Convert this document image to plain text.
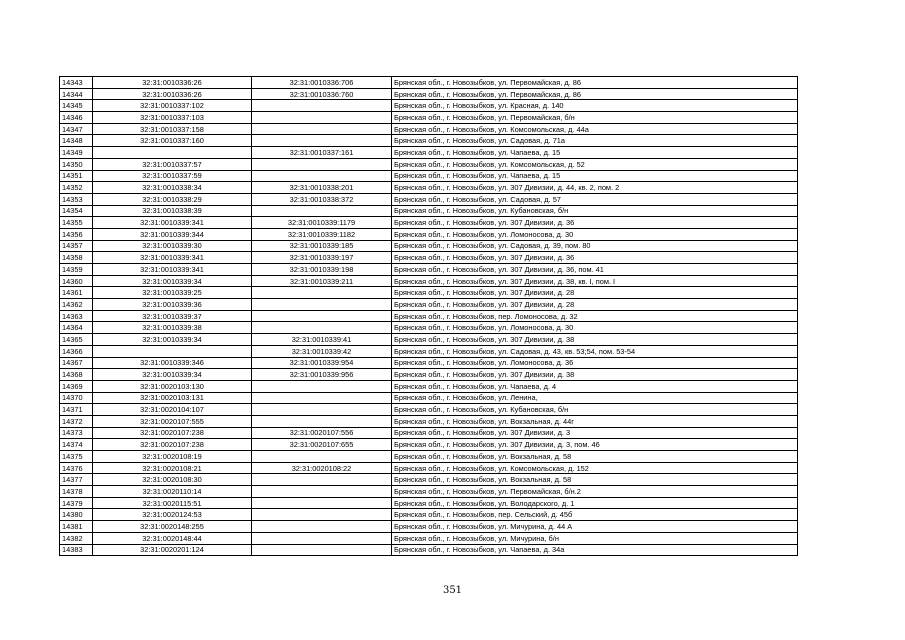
14343	32:31:0010336:26	32:31:0010336:706	Брянская обл., г. Новозыбков, ул. Первомайская, д. 86
14344	32:31:0010336:26	32:31:0010336:760	Брянская обл., г. Новозыбков, ул. Первомайская, д. 86
14345	32:31:0010337:102		Брянская обл., г. Новозыбков, ул. Красная, д. 140
14346	32:31:0010337:103		Брянская обл., г. Новозыбков, ул. Первомайская, б/н
14347	32:31:0010337:158		Брянская обл., г. Новозыбков, ул. Комсомольская, д. 44а
14348	32:31:0010337:160		Брянская обл., г. Новозыбков, ул. Садовая, д. 71а
14349		32:31:0010337:161	Брянская обл., г. Новозыбков, ул. Чапаева, д. 15
14350	32:31:0010337:57		Брянская обл., г. Новозыбков, ул. Комсомольская, д. 52
14351	32:31:0010337:59		Брянская обл., г. Новозыбков, ул. Чапаева, д. 15
14352	32:31:0010338:34	32:31:0010338:201	Брянская обл., г. Новозыбков, ул. 307 Дивизии, д. 44, кв. 2, пом. 2
14353	32:31:0010338:29	32:31:0010338:372	Брянская обл., г. Новозыбков, ул. Садовая, д. 57
14354	32:31:0010338:39		Брянская обл., г. Новозыбков, ул. Кубановская, б/н
14355	32:31:0010339:341	32:31:0010339:1179	Брянская обл., г. Новозыбков, ул. 307 Дивизии, д. 36
14356	32:31:0010339:344	32:31:0010339:1182	Брянская обл., г. Новозыбков, ул. Ломоносова, д. 30
14357	32:31:0010339:30	32:31:0010339:185	Брянская обл., г. Новозыбков, ул. Садовая, д. 39, пом. 80
14358	32:31:0010339:341	32:31:0010339:197	Брянская обл., г. Новозыбков, ул. 307 Дивизии, д. 36
14359	32:31:0010339:341	32:31:0010339:198	Брянская обл., г. Новозыбков, ул. 307 Дивизии, д. 36, пом. 41
14360	32:31:0010339:34	32:31:0010339:211	Брянская обл., г. Новозыбков, ул. 307 Дивизии, д. 38, кв. I, пом. I
14361	32:31:0010339:25		Брянская обл., г. Новозыбков, ул. 307 Дивизии, д. 28
14362	32:31:0010339:36		Брянская обл., г. Новозыбков, ул. 307 Дивизии, д. 28
14363	32:31:0010339:37		Брянская обл., г. Новозыбков, пер. Ломоносова, д. 32
14364	32:31:0010339:38		Брянская обл., г. Новозыбков, ул. Ломоносова, д. 30
14365	32:31:0010339:34	32:31:0010339:41	Брянская обл., г. Новозыбков, ул. 307 Дивизии, д. 38
14366		32:31:0010339:42	Брянская обл., г. Новозыбков, ул. Садовая, д. 43, кв. 53;54, пом. 53-54
14367	32:31:0010339:346	32:31:0010339:954	Брянская обл., г. Новозыбков, ул. Ломоносова, д. 36
14368	32:31:0010339:34	32:31:0010339:956	Брянская обл., г. Новозыбков, ул. 307 Дивизии, д. 38
14369	32:31:0020103:130		Брянская обл., г. Новозыбков, ул. Чапаева, д. 4
14370	32:31:0020103:131		Брянская обл., г. Новозыбков, ул. Ленина,
14371	32:31:0020104:107		Брянская обл., г. Новозыбков, ул. Кубановская, б/н
14372	32:31:0020107:555		Брянская обл., г. Новозыбков, ул. Вокзальная, д. 44г
14373	32:31:0020107:238	32:31:0020107:556	Брянская обл., г. Новозыбков, ул. 307 Дивизии, д. 3
14374	32:31:0020107:238	32:31:0020107:655	Брянская обл., г. Новозыбков, ул. 307 Дивизии, д. 3, пом. 46
14375	32:31:0020108:19		Брянская обл., г. Новозыбков, ул. Вокзальная, д. 58
14376	32:31:0020108:21	32:31:0020108:22	Брянская обл., г. Новозыбков, ул. Комсомольская, д. 152
14377	32:31:0020108:30		Брянская обл., г. Новозыбков, ул. Вокзальная, д. 58
14378	32:31:0020110:14		Брянская обл., г. Новозыбков, ул. Первомайская, б/н.2
14379	32:31:0020115:51		Брянская обл., г. Новозыбков, ул. Володарского, д. 1
14380	32:31:0020124:53		Брянская обл., г. Новозыбков, пер. Сельский, д. 45б
14381	32:31:0020148:255		Брянская обл., г. Новозыбков, ул. Мичурина, д. 44 А
14382	32:31:0020148:44		Брянская обл., г. Новозыбков, ул. Мичурина, б/н
14383	32:31:0020201:124		Брянская обл., г. Новозыбков, ул. Чапаева, д. 34а
351
